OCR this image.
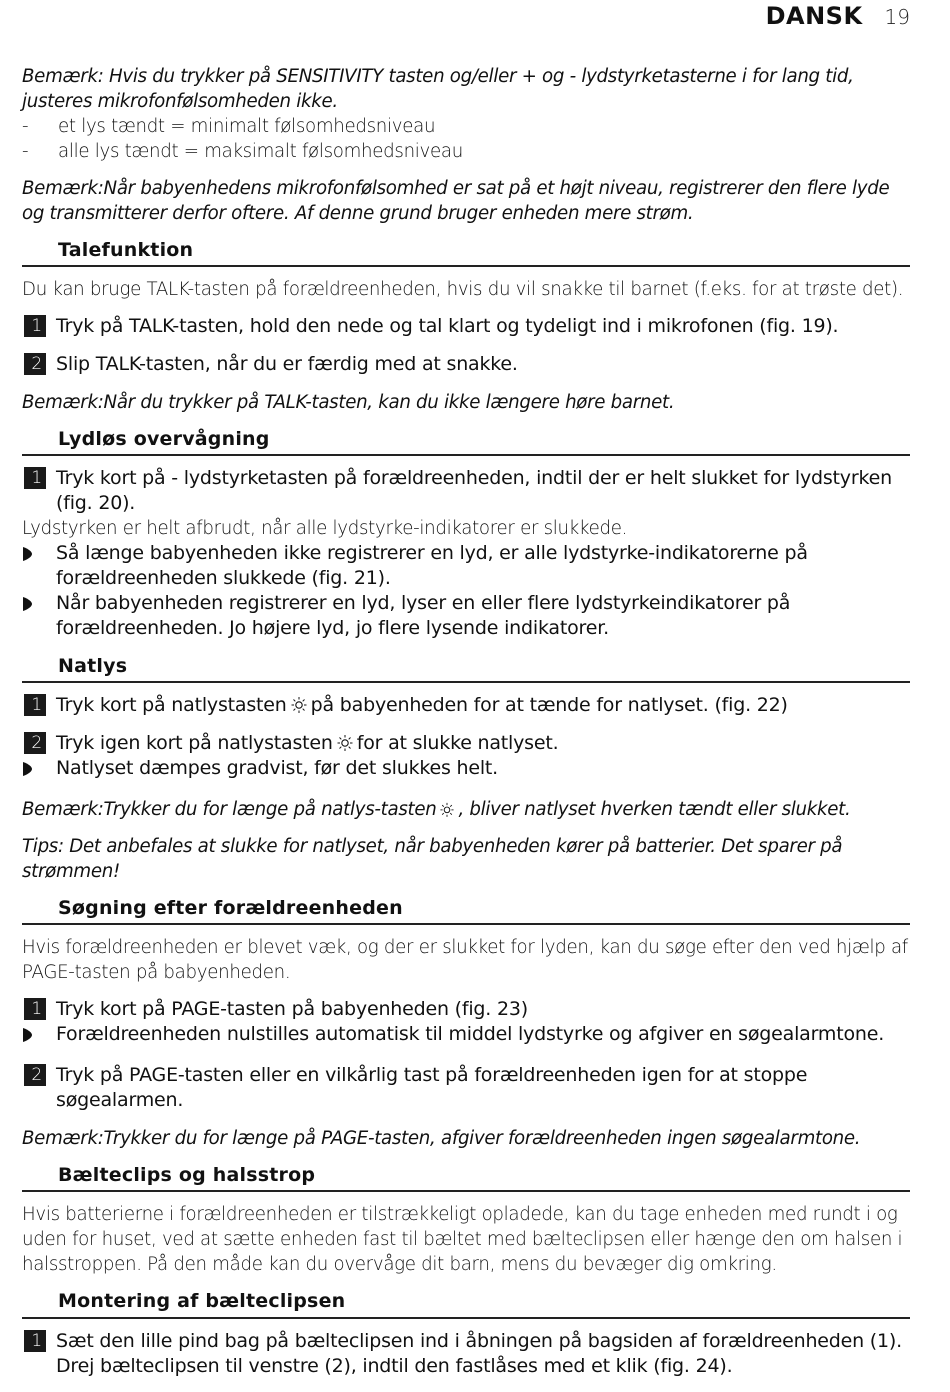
DANSK 19

Bemærk: Hvis du trykker på SENSITIVITY tasten og/eller + og - lydstyrketasterne i for lang tid, justeres mikrofonfølsomheden ikke.

-	et lys tændt = minimalt følsomhedsniveau
-	alle lys tændt = maksimalt følsomhedsniveau

Bemærk:Når babyenhedens mikrofonfølsomhed er sat på et højt niveau, registrerer den flere lyde og transmitterer derfor oftere. Af denne grund bruger enheden mere strøm.

Talefunktion

Du kan bruge TALK-tasten på forældreenheden, hvis du vil snakke til barnet (f.eks. for at trøste det).

1 Tryk på TALK-tasten, hold den nede og tal klart og tydeligt ind i mikrofonen (fig. 19).
2 Slip TALK-tasten, når du er færdig med at snakke.

Bemærk:Når du trykker på TALK-tasten, kan du ikke længere høre barnet.

Lydløs overvågning
1 Tryk kort på - lydstyrketasten på forældreenheden, indtil der er helt slukket for lydstyrken (fig. 20).

Lydstyrken er helt afbrudt, når alle lydstyrke-indikatorer er slukkede.

Så længe babyenheden ikke registrerer en lyd, er alle lydstyrke-indikatorerne på forældreenheden slukkede (fig. 21).
Når babyenheden registrerer en lyd, lyser en eller flere lydstyrkeindikatorer på forældreenheden. Jo højere lyd, jo flere lysende indikatorer.
Natlys
1 Tryk kort på natlystasten på babyenheden for at tænde for natlyset. (fig. 22)
2 Tryk igen kort på natlystasten for at slukke natlyset.
Natlyset dæmpes gradvist, før det slukkes helt.

Bemærk:Trykker du for længe på natlys-tasten , bliver natlyset hverken tændt eller slukket.

Tips: Det anbefales at slukke for natlyset, når babyenheden kører på batterier. Det sparer på strømmen!

Søgning efter forældreenheden

Hvis forældreenheden er blevet væk, og der er slukket for lyden, kan du søge efter den ved hjælp af PAGE-tasten på babyenheden.

1 Tryk kort på PAGE-tasten på babyenheden (fig. 23)
Forældreenheden nulstilles automatisk til middel lydstyrke og afgiver en søgealarmtone.
2 Tryk på PAGE-tasten eller en vilkårlig tast på forældreenheden igen for at stoppe søgealarmen.

Bemærk:Trykker du for længe på PAGE-tasten, afgiver forældreenheden ingen søgealarmtone.

Bælteclips og halsstrop

Hvis batterierne i forældreenheden er tilstrækkeligt opladede, kan du tage enheden med rundt i og uden for huset, ved at sætte enheden fast til bæltet med bælteclipsen eller hænge den om halsen i halsstroppen. På den måde kan du overvåge dit barn, mens du bevæger dig omkring.

Montering af bælteclipsen
1 Sæt den lille pind bag på bælteclipsen ind i åbningen på bagsiden af forældreenheden (1). Drej bælteclipsen til venstre (2), indtil den fastlåses med et klik (fig. 24).
